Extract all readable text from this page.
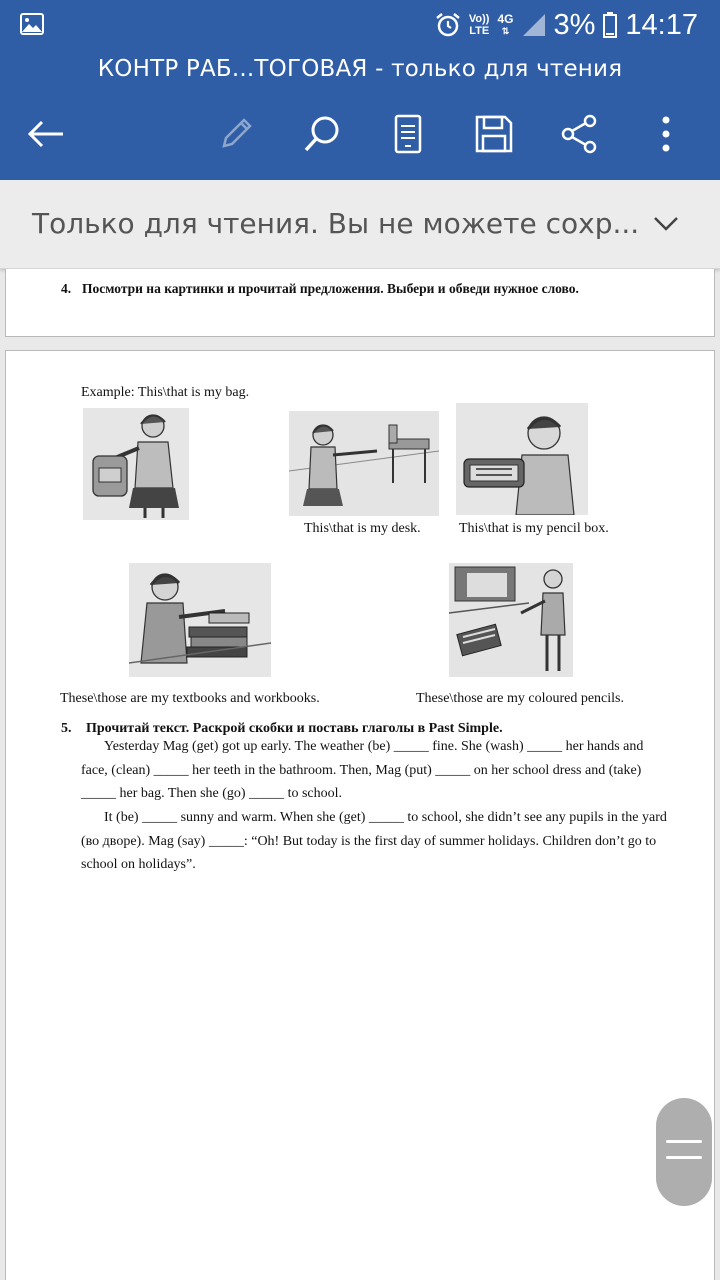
Vo))
LTE
4G
⇅ 3% 14:17
КОНТР РАБ...ТОГОВАЯ - только для чтения
Только для чтения. Вы не можете сохр...
4. Посмотри на картинки и прочитай предложения. Выбери и обведи нужное слово.
Example: This\that is my bag.
This\that is my desk.	This\that is my pencil box.
These\those are my textbooks and workbooks.	These\those are my coloured pencils.
5. Прочитай текст. Раскрой скобки и поставь глаголы в Past Simple.
Yesterday Mag (get) got up early. The weather (be) _____ fine. She (wash) _____ her hands and
face, (clean) _____ her teeth in the bathroom. Then, Mag (put) _____ on her school dress and (take)
_____ her bag. Then she (go) _____ to school.
It (be) _____ sunny and warm. When she (get) _____ to school, she didn’t see any pupils in the yard
(во дворе). Mag (say) _____: “Oh! But today is the first day of summer holidays. Children don’t go to
school on holidays”.
